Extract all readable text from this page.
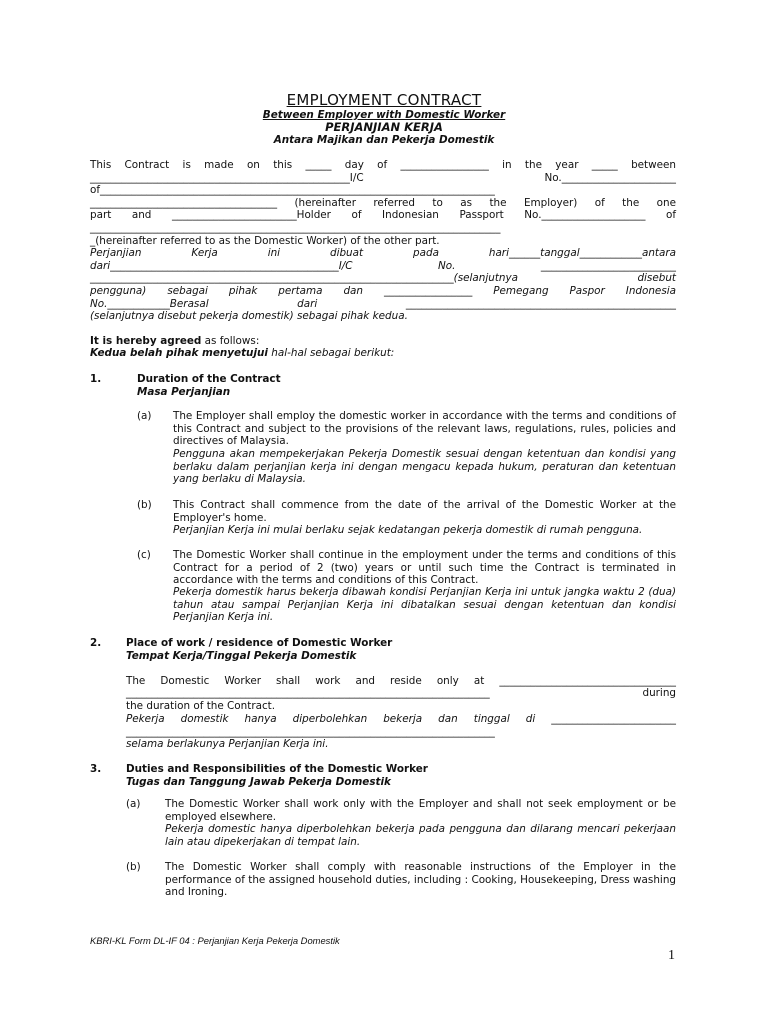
EMPLOYMENT CONTRACT
Between Employer with Domestic Worker
PERJANJIAN KERJA
Antara Majikan dan Pekerja Domestik
This Contract is made on this _____ day of _________________ in the year _____ between
__________________________________________________I/C No.______________________
of____________________________________________________________________________
____________________________________ (hereinafter referred to as the Employer) of the one
part and ________________________Holder of Indonesian Passport No.____________________ of
_______________________________________________________________________________
_(hereinafter referred to as the Domestic Worker) of the other part.
Perjanjian Kerja ini dibuat pada hari______tanggal____________antara
dari____________________________________________I/C No. __________________________
______________________________________________________________________(selanjutnya disebut
pengguna) sebagai pihak pertama dan _________________ Pemegang Paspor Indonesia
No.____________Berasal dari ____________________________________________________
(selanjutnya disebut pekerja domestik) sebagai pihak kedua.
It is hereby agreed as follows:
Kedua belah pihak menyetujui hal-hal sebagai berikut:
1.	Duration of the Contract
Masa Perjanjian
(a) The Employer shall employ the domestic worker in accordance with the terms and conditions of this Contract and subject to the provisions of the relevant laws, regulations, rules, policies and directives of Malaysia.
Pengguna akan mempekerjakan Pekerja Domestik sesuai dengan ketentuan dan kondisi yang berlaku dalam perjanjian kerja ini dengan mengacu kepada hukum, peraturan dan ketentuan yang berlaku di Malaysia.
(b) This Contract shall commence from the date of the arrival of the Domestic Worker at the Employer's home.
Perjanjian Kerja ini mulai berlaku sejak kedatangan pekerja domestik di rumah pengguna.
(c) The Domestic Worker shall continue in the employment under the terms and conditions of this Contract for a period of 2 (two) years or until such time the Contract is terminated in accordance with the terms and conditions of this Contract.
Pekerja domestik harus bekerja dibawah kondisi Perjanjian Kerja ini untuk jangka waktu 2 (dua) tahun atau sampai Perjanjian Kerja ini dibatalkan sesuai dengan ketentuan dan kondisi Perjanjian Kerja ini.
2. Place of work / residence of Domestic Worker
Tempat Kerja/Tinggal Pekerja Domestik
The Domestic Worker shall work and reside only at __________________________________
______________________________________________________________________ during
the duration of the Contract.
Pekerja domestik hanya diperbolehkan bekerja dan tinggal di ________________________
_______________________________________________________________________
selama berlakunya Perjanjian Kerja ini.
3. Duties and Responsibilities of the Domestic Worker
Tugas dan Tanggung Jawab Pekerja Domestik
(a) The Domestic Worker shall work only with the Employer and shall not seek employment or be employed elsewhere.
Pekerja domestic hanya diperbolehkan bekerja pada pengguna dan dilarang mencari pekerjaan lain atau dipekerjakan di tempat lain.
(b) The Domestic Worker shall comply with reasonable instructions of the Employer in the performance of the assigned household duties, including : Cooking, Housekeeping, Dress washing and Ironing.
KBRI-KL Form DL-IF 04 : Perjanjian Kerja Pekerja Domestik
1
